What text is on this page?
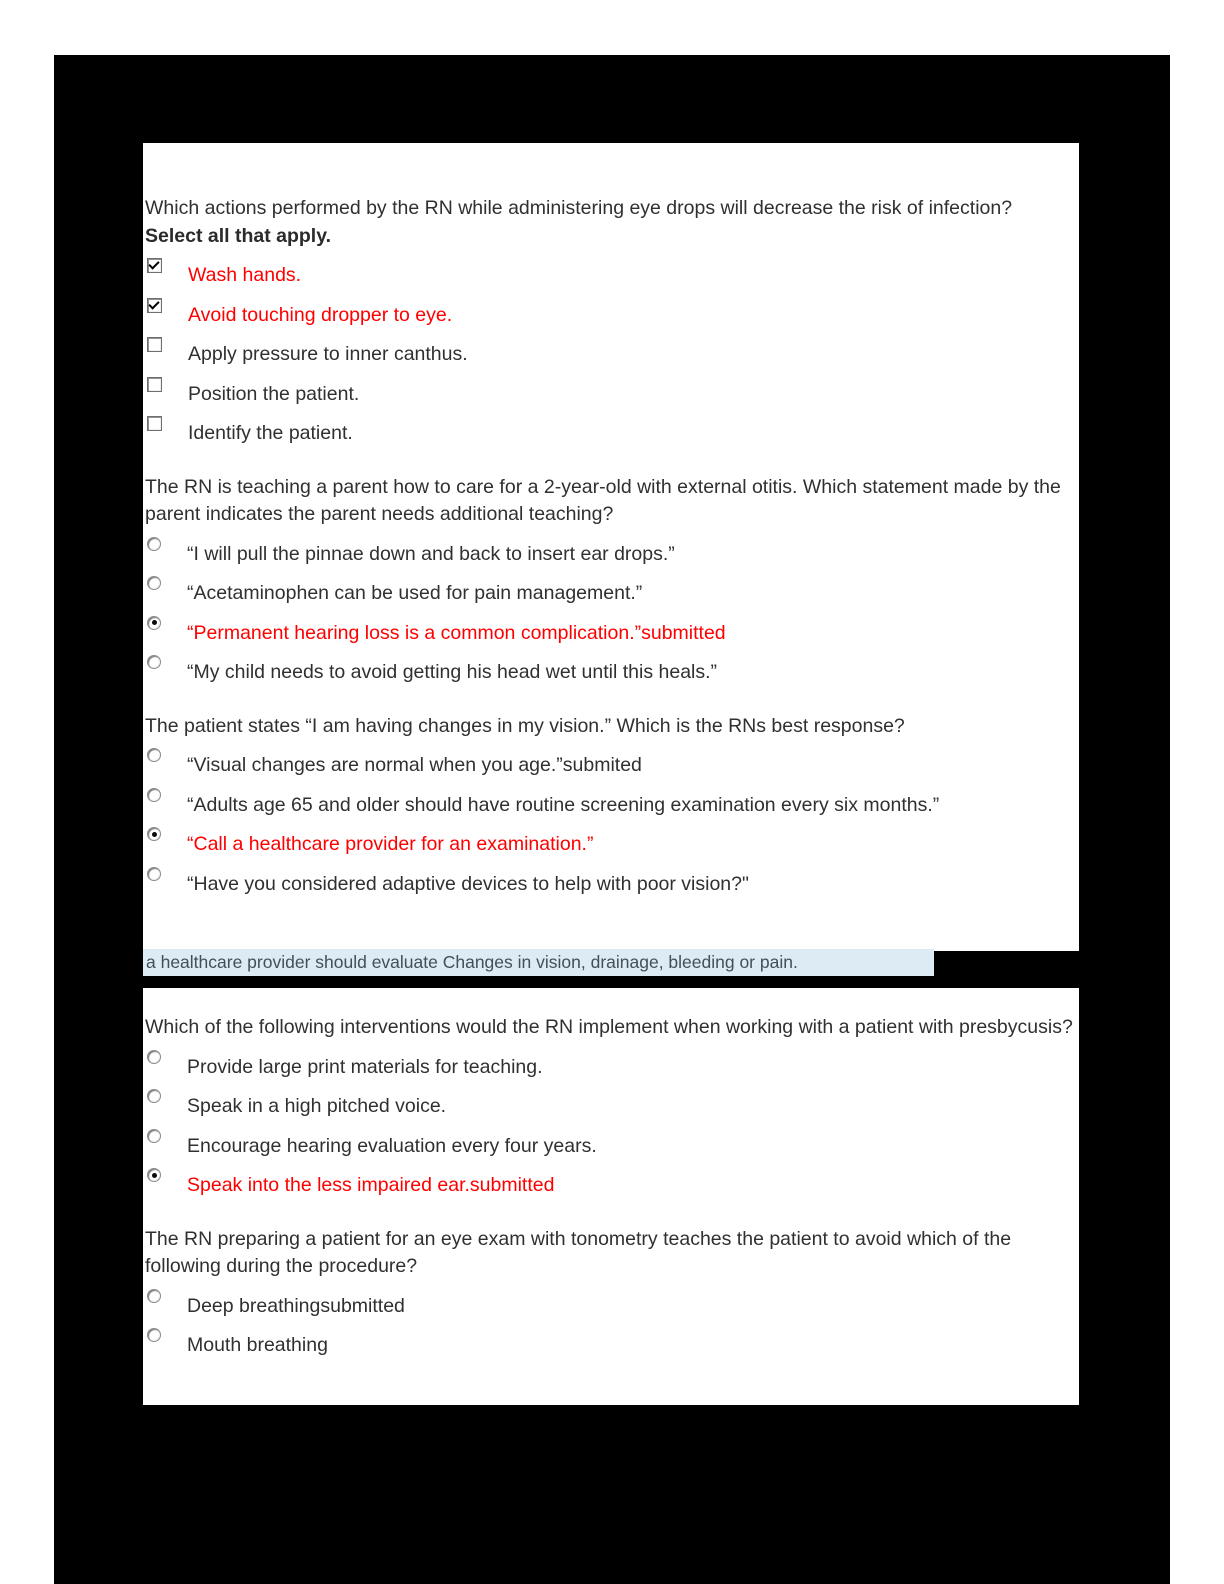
Which actions performed by the RN while administering eye drops will decrease the risk of infection?  Select all that apply.

Wash hands.

Avoid touching dropper to eye.

Apply pressure to inner canthus.

Position the patient.

Identify the patient.

The RN is teaching a parent how to care for a 2-year-old with external otitis. Which statement made by the parent indicates the parent needs additional teaching?

“I will pull the pinnae down and back to insert ear drops.”

“Acetaminophen can be used for pain management.”

“Permanent hearing loss is a common complication.”submitted

“My child needs to avoid getting his head wet until this heals.”

The patient states “I am having changes in my vision.” Which is the RNs best response?

“Visual changes are normal when you age.”submited

“Adults age 65 and older should have routine screening examination every six months.”

“Call a healthcare provider for an examination.”

“Have you considered adaptive devices to help with poor vision?"

a healthcare provider should evaluate Changes in vision, drainage, bleeding or pain.

Which of the following interventions would the RN implement when working with a patient with presbycusis?

Provide large print materials for teaching.

Speak in a high pitched voice.

Encourage hearing evaluation every four years.

Speak into the less impaired ear.submitted

The RN preparing a patient for an eye exam with tonometry teaches the patient to avoid which of the following during the procedure?

Deep breathingsubmitted

Mouth breathing
